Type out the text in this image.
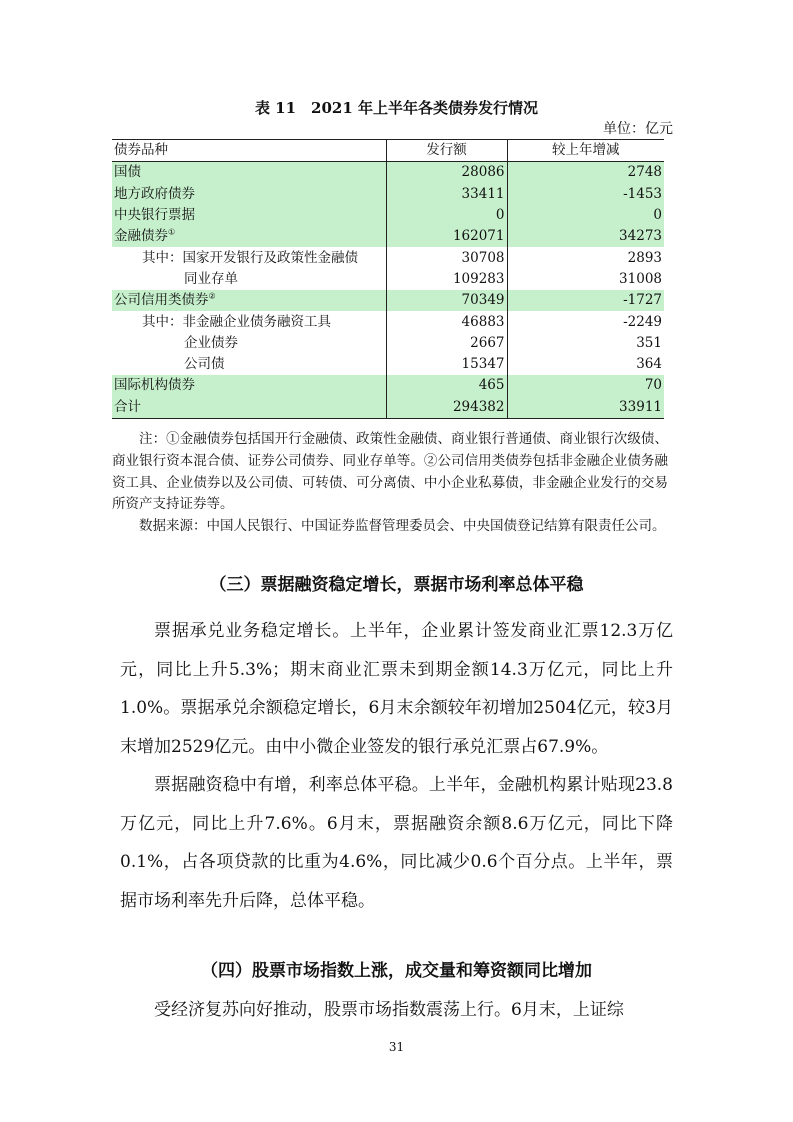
表 11　2021 年上半年各类债券发行情况
单位：亿元
债券品种	发行额	较上年增减
国债	28086	2748
地方政府债券	33411	-1453
中央银行票据	0	0
金融债券①	162071	34273
其中：国家开发银行及政策性金融债	30708	2893
同业存单	109283	31008
公司信用类债券②	70349	-1727
其中：非金融企业债务融资工具	46883	-2249
企业债券	2667	351
公司债	15347	364
国际机构债券	465	70
合计	294382	33911

注：①金融债券包括国开行金融债、政策性金融债、商业银行普通债、商业银行次级债、商业银行资本混合债、证券公司债券、同业存单等。②公司信用类债券包括非金融企业债务融资工具、企业债券以及公司债、可转债、可分离债、中小企业私募债，非金融企业发行的交易所资产支持证券等。

数据来源：中国人民银行、中国证券监督管理委员会、中央国债登记结算有限责任公司。

（三）票据融资稳定增长，票据市场利率总体平稳

票据承兑业务稳定增长。上半年，企业累计签发商业汇票12.3万亿元，同比上升5.3%；期末商业汇票未到期金额14.3万亿元，同比上升1.0%。票据承兑余额稳定增长，6月末余额较年初增加2504亿元，较3月末增加2529亿元。由中小微企业签发的银行承兑汇票占67.9%。

票据融资稳中有增，利率总体平稳。上半年，金融机构累计贴现23.8万亿元，同比上升7.6%。6月末，票据融资余额8.6万亿元，同比下降0.1%，占各项贷款的比重为4.6%，同比减少0.6个百分点。上半年，票据市场利率先升后降，总体平稳。

（四）股票市场指数上涨，成交量和筹资额同比增加

受经济复苏向好推动，股票市场指数震荡上行。6月末，上证综

31
